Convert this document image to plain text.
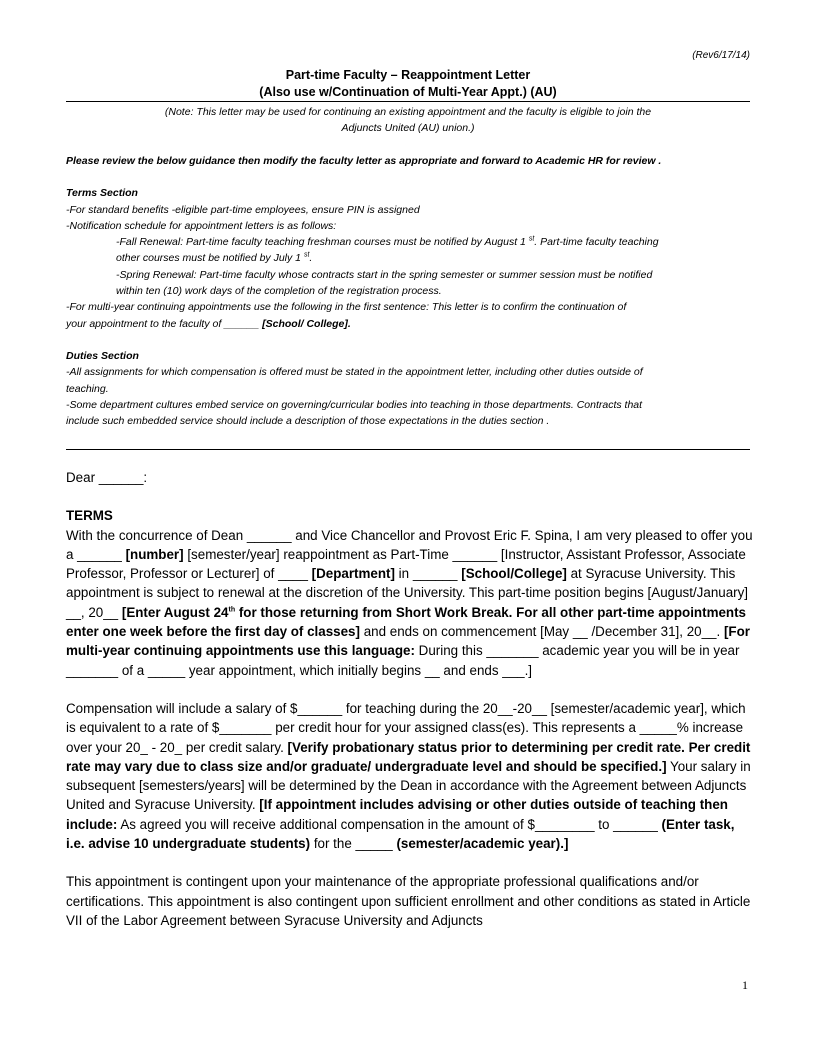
(Rev6/17/14)
Part-time Faculty – Reappointment Letter
(Also use w/Continuation of Multi-Year Appt.) (AU)
(Note: This letter may be used for continuing an existing appointment and the faculty is eligible to join the
Adjuncts United (AU) union.)

Please review the below guidance then modify the faculty letter as appropriate and forward to Academic HR for review .

Terms Section

-For standard benefits -eligible part-time employees, ensure PIN is assigned

-Notification schedule for appointment letters is as follows:

-Fall Renewal: Part-time faculty teaching freshman courses must be notified by August 1 $^{st}$. Part-time faculty teaching

other courses must be notified by July 1 $^{st}$.

-Spring Renewal: Part-time faculty whose contracts start in the spring semester or summer session must be notified

within ten (10) work days of the completion of the registration process.

-For multi-year continuing appointments use the following in the first sentence: This letter is to confirm the continuation of

your appointment to the faculty of ______ [School/ College].

Duties Section

-All assignments for which compensation is offered must be stated in the appointment letter, including other duties outside of

teaching.

-Some department cultures embed service on governing/curricular bodies into teaching in those departments. Contracts that

include such embedded service should include a description of those expectations in the duties section .

Dear ______:

TERMS

With the concurrence of Dean ______ and Vice Chancellor and Provost Eric F. Spina, I am very pleased to offer you a ______ [number] [semester/year] reappointment as Part-Time ______ [Instructor, Assistant Professor, Associate Professor, Professor or Lecturer] of ____ [Department] in ______ [School/College] at Syracuse University. This appointment is subject to renewal at the discretion of the University. This part-time position begins [August/January] __, 20__ [Enter August 24th for those returning from Short Work Break. For all other part-time appointments enter one week before the first day of classes] and ends on commencement [May __ /December 31], 20__. [For multi-year continuing appointments use this language: During this _______ academic year you will be in year _______ of a _____ year appointment, which initially begins __ and ends ___.]

Compensation will include a salary of $______ for teaching during the 20__-20__ [semester/academic year], which is equivalent to a rate of $_______ per credit hour for your assigned class(es). This represents a _____% increase over your 20_ - 20_ per credit salary. [Verify probationary status prior to determining per credit rate. Per credit rate may vary due to class size and/or graduate/ undergraduate level and should be specified.] Your salary in subsequent [semesters/years] will be determined by the Dean in accordance with the Agreement between Adjuncts United and Syracuse University. [If appointment includes advising or other duties outside of teaching then include: As agreed you will receive additional compensation in the amount of $________ to ______ (Enter task, i.e. advise 10 undergraduate students) for the _____ (semester/academic year).]

This appointment is contingent upon your maintenance of the appropriate professional qualifications and/or certifications. This appointment is also contingent upon sufficient enrollment and other conditions as stated in Article VII of the Labor Agreement between Syracuse University and Adjuncts

1
